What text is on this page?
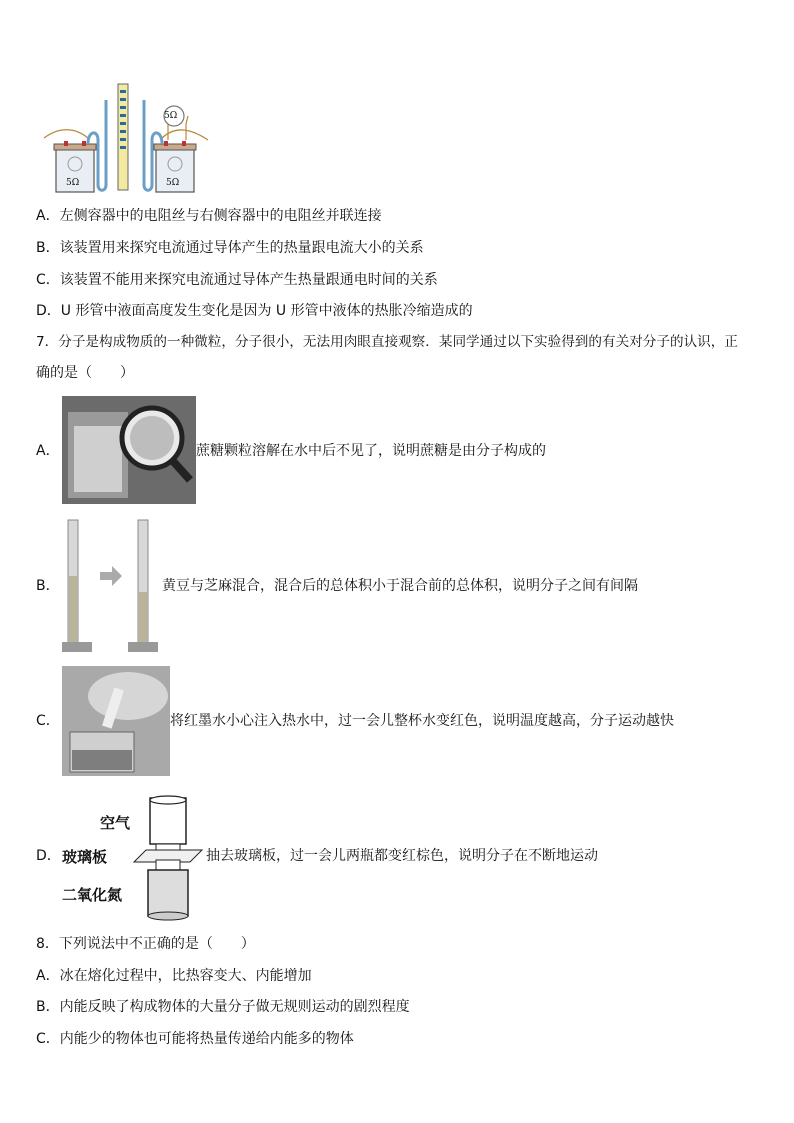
5Ω	5Ω
5Ω
A．左侧容器中的电阻丝与右侧容器中的电阻丝并联连接
B．该装置用来探究电流通过导体产生的热量跟电流大小的关系
C．该装置不能用来探究电流通过导体产生热量跟通电时间的关系
D．U 形管中液面高度发生变化是因为 U 形管中液体的热胀冷缩造成的
7．分子是构成物质的一种微粒，分子很小，无法用肉眼直接观察．某同学通过以下实验得到的有关对分子的认识，正
确的是（　　）
A．	蔗糖颗粒溶解在水中后不见了，说明蔗糖是由分子构成的
B．	黄豆与芝麻混合，混合后的总体积小于混合前的总体积，说明分子之间有间隔
C．	将红墨水小心注入热水中，过一会儿整杯水变红色，说明温度越高，分子运动越快
D．
空气
玻璃板
二氧化氮
抽去玻璃板，过一会儿两瓶都变红棕色，说明分子在不断地运动
8．下列说法中不正确的是（　　）
A．冰在熔化过程中，比热容变大、内能增加
B．内能反映了构成物体的大量分子做无规则运动的剧烈程度
C．内能少的物体也可能将热量传递给内能多的物体
